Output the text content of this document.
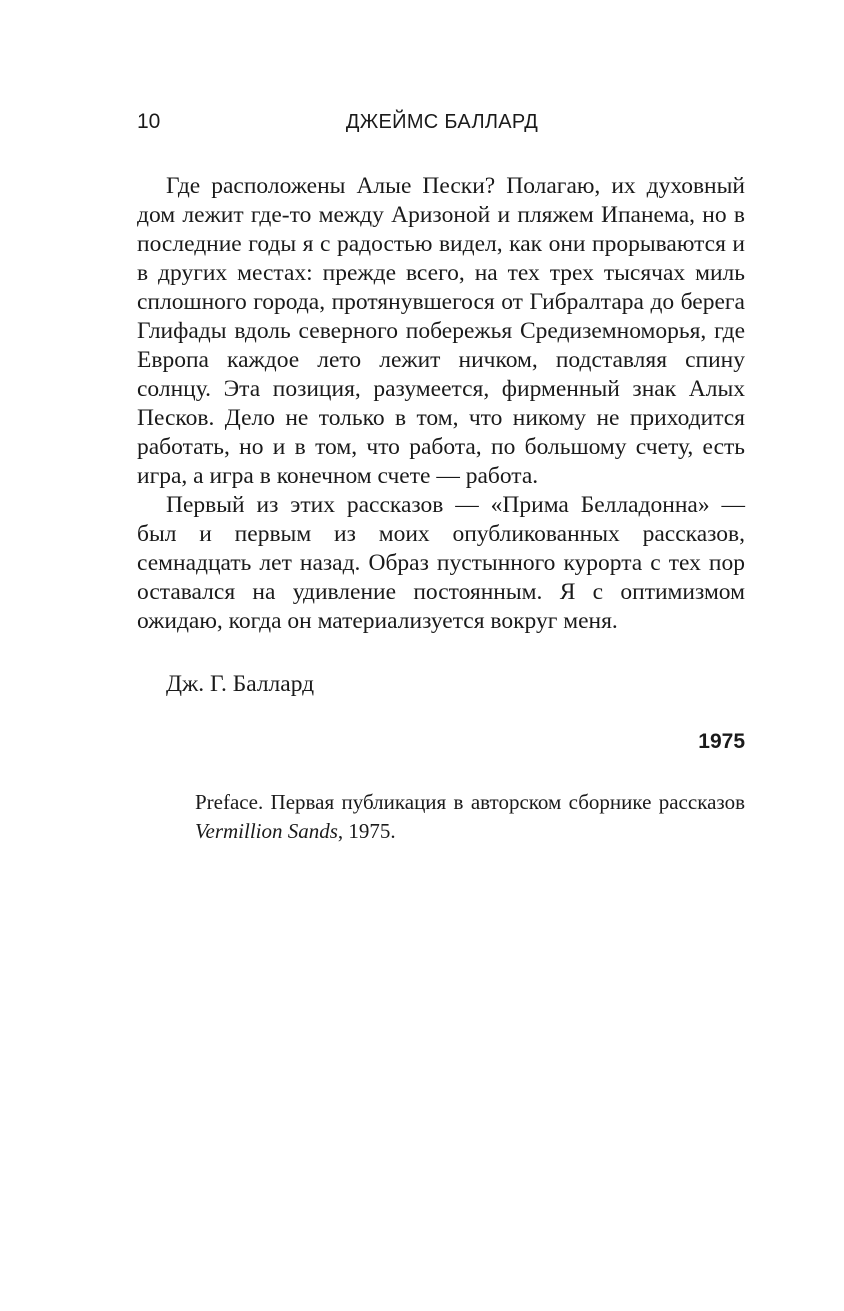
10	ДЖЕЙМС БАЛЛАРД

Где расположены Алые Пески? Полагаю, их духовный дом лежит где-то между Аризоной и пляжем Ипанема, но в последние годы я с радостью видел, как они прорываются и в других местах: прежде всего, на тех трех тысячах миль сплошного города, протянувшегося от Гибралтара до берега Глифады вдоль северного побережья Средиземноморья, где Европа каждое лето лежит ничком, подставляя спину солнцу. Эта позиция, разумеется, фирменный знак Алых Песков. Дело не только в том, что никому не приходится работать, но и в том, что работа, по большому счету, есть игра, а игра в конечном счете — работа.

Первый из этих рассказов — «Прима Белладонна» — был и первым из моих опубликованных рассказов, семнадцать лет назад. Образ пустынного курорта с тех пор оставался на удивление постоянным. Я с оптимизмом ожидаю, когда он материализуется вокруг меня.

Дж. Г. Баллард
1975

Preface. Первая публикация в авторском сборнике рассказов Vermillion Sands, 1975.
